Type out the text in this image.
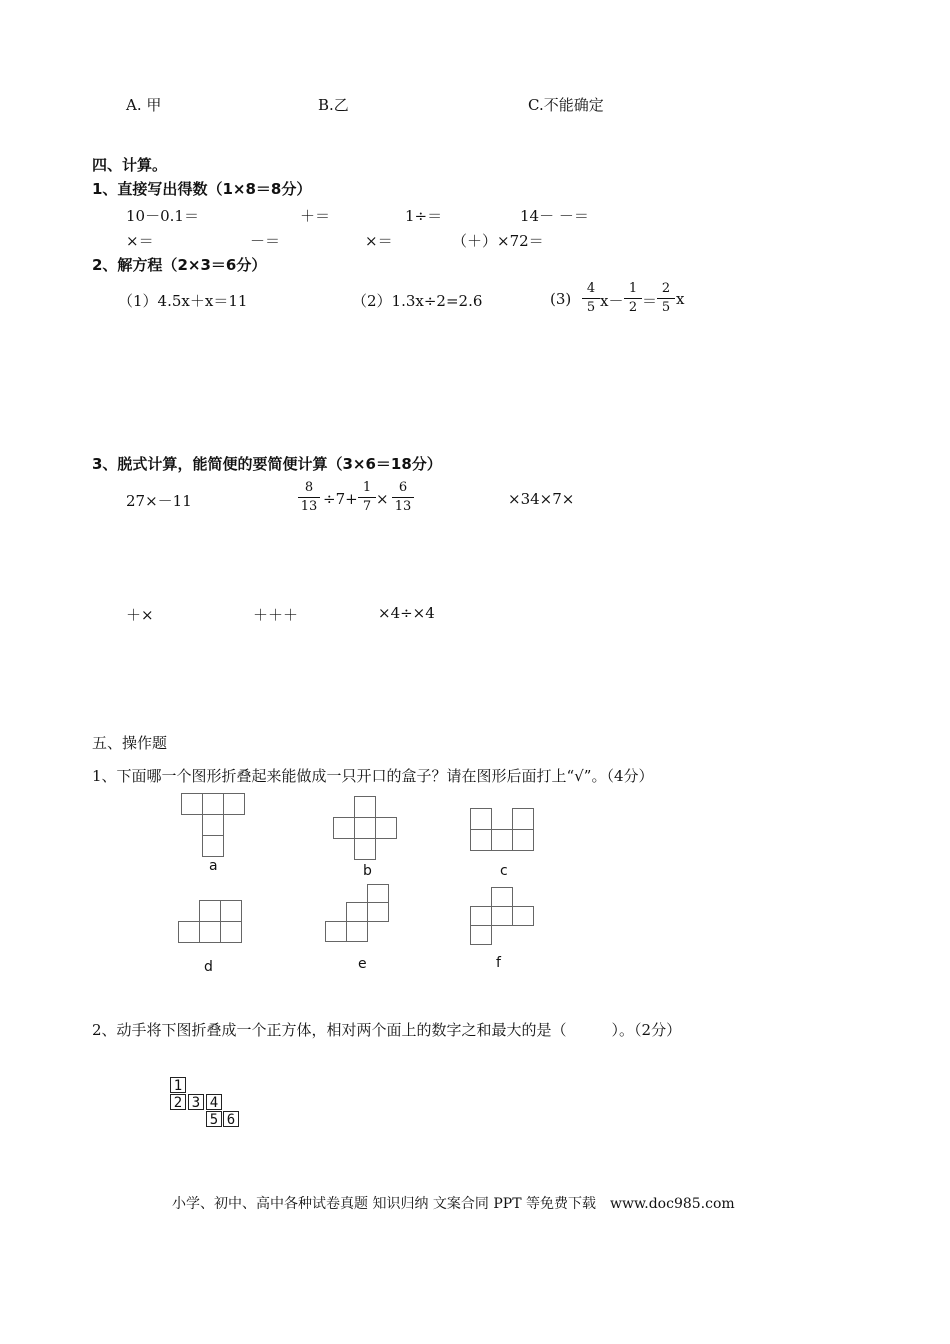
A. 甲	B.乙	C.不能确定
四、计算。
1、直接写出得数（1×8＝8分）
10－0.1＝	＋＝	1÷＝	14－ －＝
×＝	－＝	×＝	（＋）×72＝
2、解方程（2×3＝6分）
（1）4.5x＋x＝11	（2）1.3x÷2=2.6	(3)
4
5 x－
1
2 ＝
2
5 x
3、脱式计算，能简便的要简便计算（3×6＝18分）
27×－11
8
13 ÷7+
1
7 ×
6
13	×34×7×
＋×	＋＋＋	×4÷×4
五、操作题
1、下面哪一个图形折叠起来能做成一只开口的盒子？请在图形后面打上“√”。（4分）
a	b	c
d	e	f
2、动手将下图折叠成一个正方体，相对两个面上的数字之和最大的是（　　　）。（2分）
1
2 3 4
5 6
小学、初中、高中各种试卷真题 知识归纳 文案合同 PPT 等免费下载　www.doc985.com
